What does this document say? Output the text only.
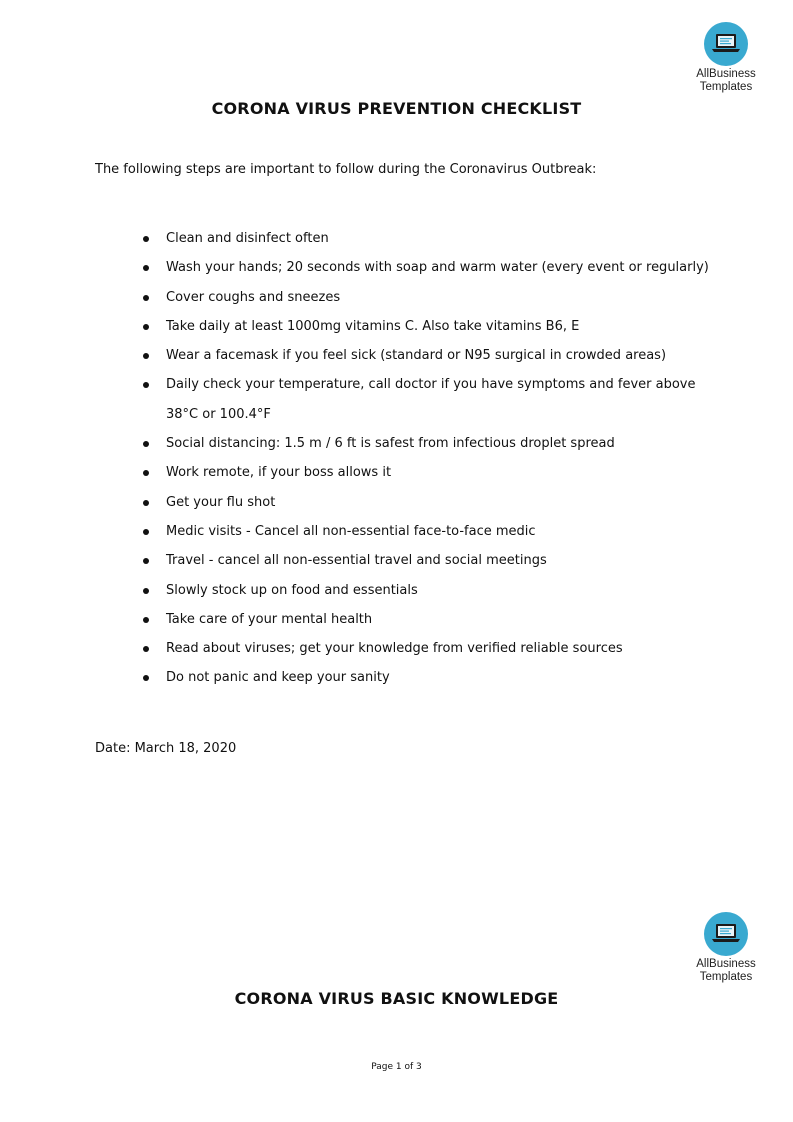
AllBusiness
Templates
CORONA VIRUS PREVENTION CHECKLIST
The following steps are important to follow during the Coronavirus Outbreak:
Clean and disinfect often
Wash your hands; 20 seconds with soap and warm water (every event or regularly)
Cover coughs and sneezes
Take daily at least 1000mg vitamins C. Also take vitamins B6, E
Wear a facemask if you feel sick (standard or N95 surgical in crowded areas)
Daily check your temperature, call doctor if you have symptoms and fever above 38°C or 100.4°F
Social distancing: 1.5 m / 6 ft is safest from infectious droplet spread
Work remote, if your boss allows it
Get your flu shot
Medic visits - Cancel all non-essential face-to-face medic
Travel - cancel all non-essential travel and social meetings
Slowly stock up on food and essentials
Take care of your mental health
Read about viruses; get your knowledge from verified reliable sources
Do not panic and keep your sanity
Date: March 18, 2020
AllBusiness
Templates
CORONA VIRUS BASIC KNOWLEDGE
Page 1 of 3
